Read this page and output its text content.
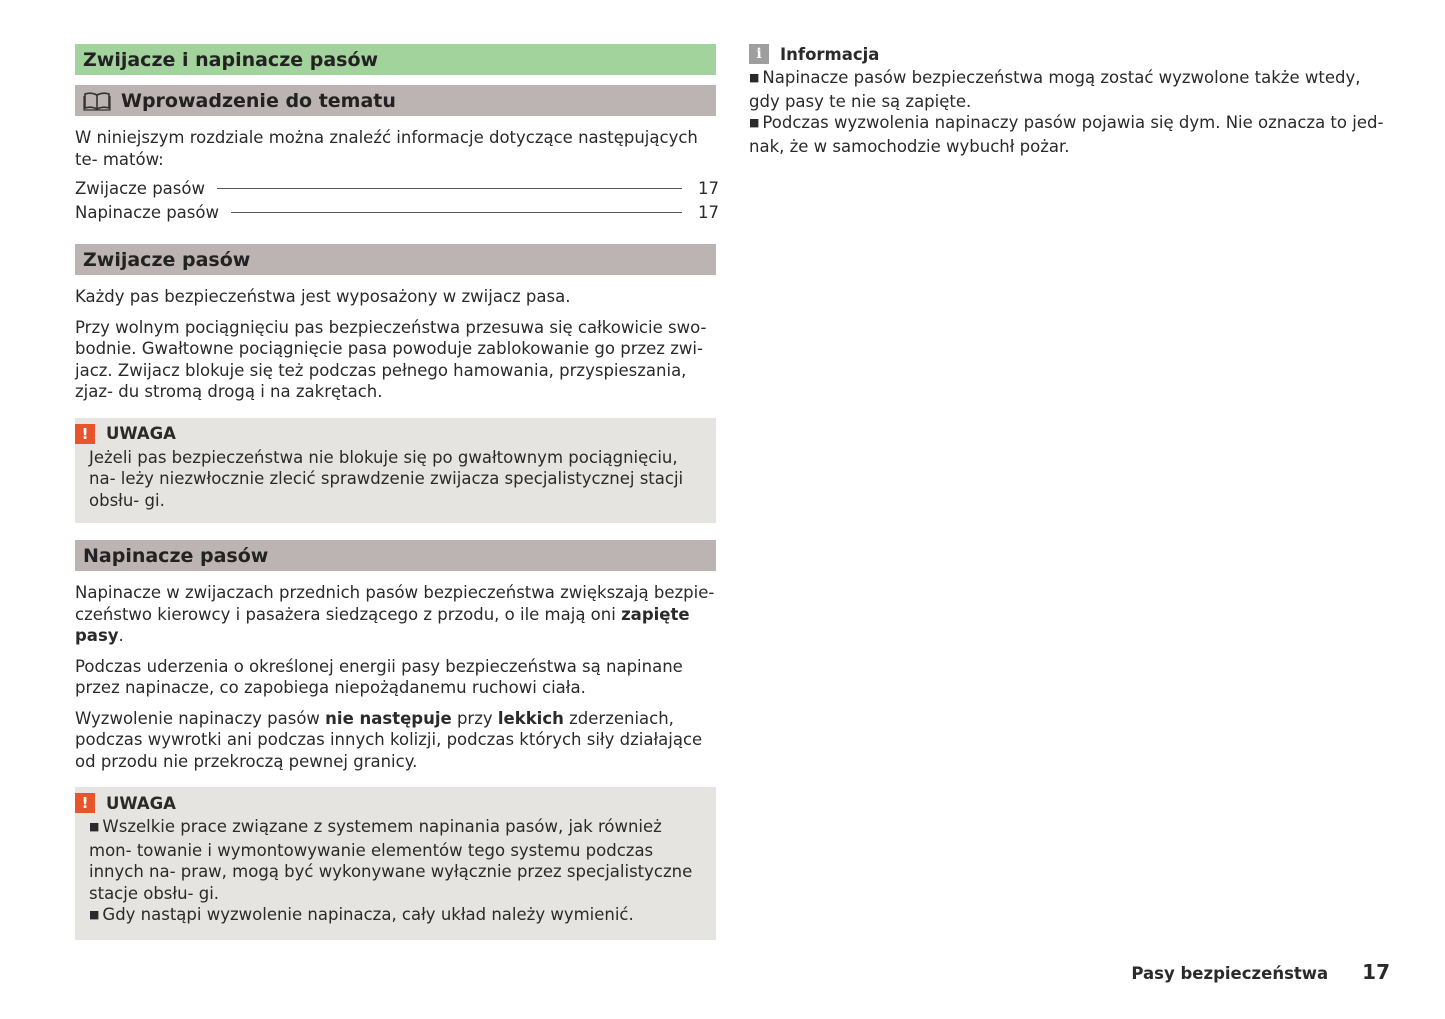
Zwijacze i napinacze pasów
Wprowadzenie do tematu

W niniejszym rozdziale można znaleźć informacje dotyczące następujących te- matów:

Zwijacze pasów	17
Napinacze pasów	17
Zwijacze pasów

Każdy pas bezpieczeństwa jest wyposażony w zwijacz pasa.

Przy wolnym pociągnięciu pas bezpieczeństwa przesuwa się całkowicie swo- bodnie. Gwałtowne pociągnięcie pasa powoduje zablokowanie go przez zwi- jacz. Zwijacz blokuje się też podczas pełnego hamowania, przyspieszania, zjaz- du stromą drogą i na zakrętach.

!	UWAGA

Jeżeli pas bezpieczeństwa nie blokuje się po gwałtownym pociągnięciu, na- leży niezwłocznie zlecić sprawdzenie zwijacza specjalistycznej stacji obsłu- gi.

Napinacze pasów

Napinacze w zwijaczach przednich pasów bezpieczeństwa zwiększają bezpie- czeństwo kierowcy i pasażera siedzącego z przodu, o ile mają oni zapięte pasy.

Podczas uderzenia o określonej energii pasy bezpieczeństwa są napinane przez napinacze, co zapobiega niepożądanemu ruchowi ciała.

Wyzwolenie napinaczy pasów nie następuje przy lekkich zderzeniach, podczas wywrotki ani podczas innych kolizji, podczas których siły działające od przodu nie przekroczą pewnej granicy.

!	UWAGA

■ Wszelkie prace związane z systemem napinania pasów, jak również mon- towanie i wymontowywanie elementów tego systemu podczas innych na- praw, mogą być wykonywane wyłącznie przez specjalistyczne stacje obsłu- gi.

■ Gdy nastąpi wyzwolenie napinacza, cały układ należy wymienić.

i	Informacja

■ Napinacze pasów bezpieczeństwa mogą zostać wyzwolone także wtedy, gdy pasy te nie są zapięte.

■ Podczas wyzwolenia napinaczy pasów pojawia się dym. Nie oznacza to jed- nak, że w samochodzie wybuchł pożar.

Pasy bezpieczeństwa 17
